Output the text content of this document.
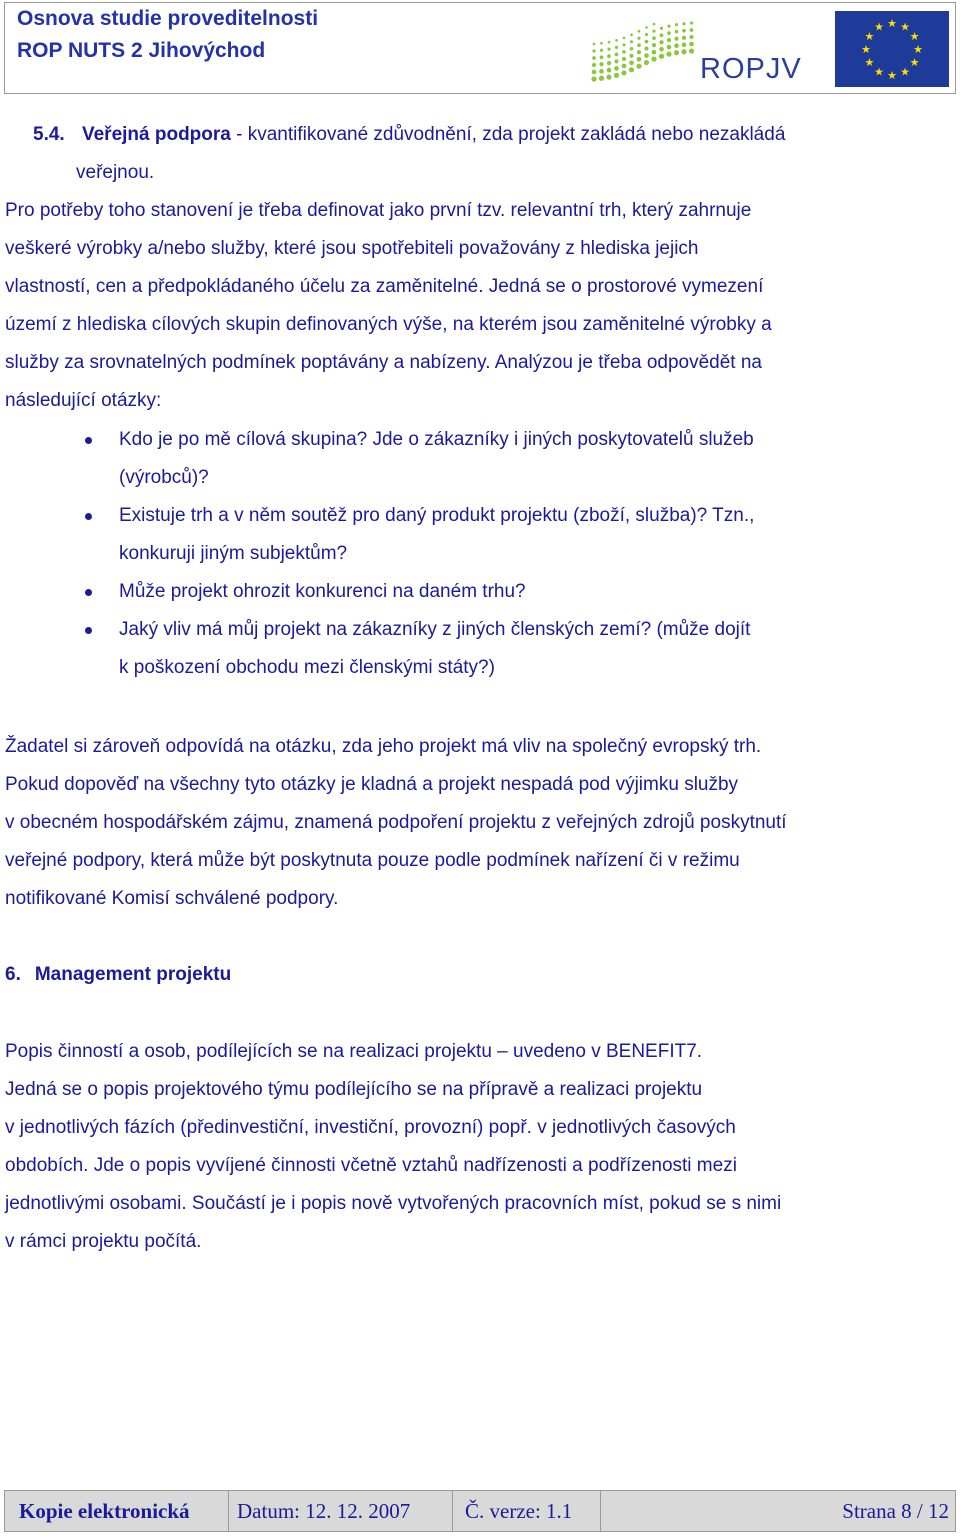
Osnova studie proveditelnosti
ROP NUTS 2 Jihovýchod
ROPJV
★
★
★
★
★
★
★
★
★ ★ ★
★
5.4. Veřejná podpora - kvantifikované zdůvodnění, zda projekt zakládá nebo nezakládá
veřejnou.

Pro potřeby toho stanovení je třeba definovat jako první tzv. relevantní trh, který zahrnuje

veškeré výrobky a/nebo služby, které jsou spotřebiteli považovány z hlediska jejich

vlastností, cen a předpokládaného účelu za zaměnitelné. Jedná se o prostorové vymezení

území z hlediska cílových skupin definovaných výše, na kterém jsou zaměnitelné výrobky a

služby za srovnatelných podmínek poptávány a nabízeny. Analýzou je třeba odpovědět na

následující otázky:

Kdo je po mě cílová skupina? Jde o zákazníky i jiných poskytovatelů služeb
(výrobců)?
Existuje trh a v něm soutěž pro daný produkt projektu (zboží, služba)? Tzn.,
konkuruji jiným subjektům?
Může projekt ohrozit konkurenci na daném trhu?
Jaký vliv má můj projekt na zákazníky z jiných členských zemí? (může dojít
k poškození obchodu mezi členskými státy?)

Žadatel si zároveň odpovídá na otázku, zda jeho projekt má vliv na společný evropský trh.

Pokud dopověď na všechny tyto otázky je kladná a projekt nespadá pod výjimku služby

v obecném hospodářském zájmu, znamená podpoření projektu z veřejných zdrojů poskytnutí

veřejné podpory, která může být poskytnuta pouze podle podmínek nařízení či v režimu

notifikované Komisí schválené podpory.

6. Management projektu

Popis činností a osob, podílejících se na realizaci projektu – uvedeno v BENEFIT7.

Jedná se o popis projektového týmu podílejícího se na přípravě a realizaci projektu

v jednotlivých fázích (předinvestiční, investiční, provozní) popř. v jednotlivých časových

obdobích. Jde o popis vyvíjené činnosti včetně vztahů nadřízenosti a podřízenosti mezi

jednotlivými osobami. Součástí je i popis nově vytvořených pracovních míst, pokud se s nimi

v rámci projektu počítá.

Kopie elektronická	Datum: 12. 12. 2007	Č. verze: 1.1	Strana 8 / 12
